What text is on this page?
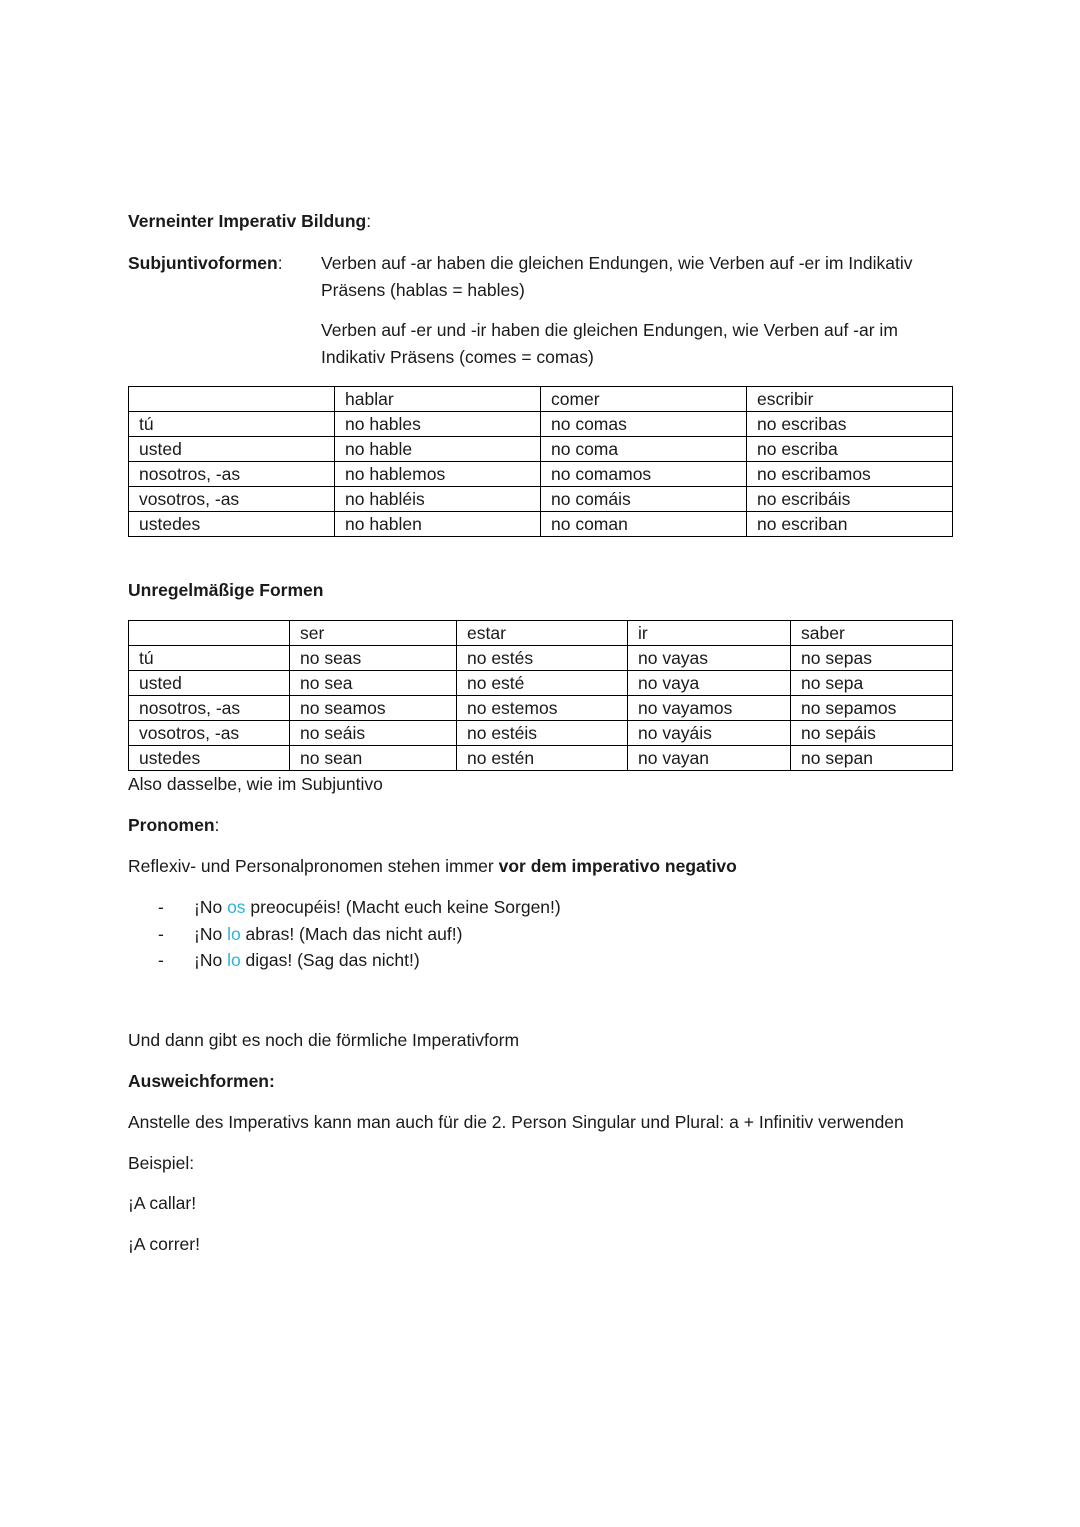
Verneinter Imperativ Bildung:
Subjuntivoformen: Verben auf -ar haben die gleichen Endungen, wie Verben auf -er im Indikativ Präsens (hablas = hables)
Verben auf -er und -ir haben die gleichen Endungen, wie Verben auf -ar im Indikativ Präsens (comes = comas)
	hablar	comer	escribir
tú	no hables	no comas	no escribas
usted	no hable	no coma	no escriba
nosotros, -as	no hablemos	no comamos	no escribamos
vosotros, -as	no habléis	no comáis	no escribáis
ustedes	no hablen	no coman	no escriban
Unregelmäßige Formen
	ser	estar	ir	saber
tú	no seas	no estés	no vayas	no sepas
usted	no sea	no esté	no vaya	no sepa
nosotros, -as	no seamos	no estemos	no vayamos	no sepamos
vosotros, -as	no seáis	no estéis	no vayáis	no sepáis
ustedes	no sean	no estén	no vayan	no sepan
Also dasselbe, wie im Subjuntivo
Pronomen:
Reflexiv- und Personalpronomen stehen immer vor dem imperativo negativo
- ¡No os preocupéis! (Macht euch keine Sorgen!)
- ¡No lo abras! (Mach das nicht auf!)
- ¡No lo digas! (Sag das nicht!)
Und dann gibt es noch die förmliche Imperativform
Ausweichformen:
Anstelle des Imperativs kann man auch für die 2. Person Singular und Plural: a + Infinitiv verwenden
Beispiel:
¡A callar!
¡A correr!
